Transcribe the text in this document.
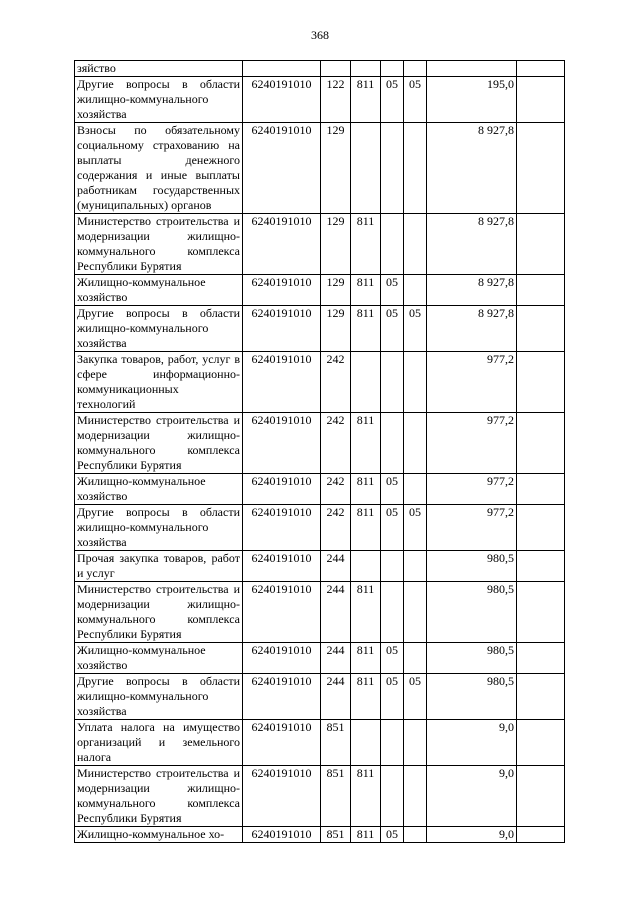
368
зяйство							
Другие вопросы в области жилищно-коммунального хозяйства	6240191010	122	811	05	05	195,0	
Взносы по обязательному социальному страхованию на выплаты денежного содержания и иные выплаты работникам государственных (муниципальных) органов	6240191010	129				8 927,8	
Министерство строительства и модернизации жилищно-коммунального комплекса Республики Бурятия	6240191010	129	811			8 927,8	
Жилищно-коммунальное хозяйство	6240191010	129	811	05		8 927,8	
Другие вопросы в области жилищно-коммунального хозяйства	6240191010	129	811	05	05	8 927,8	
Закупка товаров, работ, услуг в сфере информационно-коммуникационных технологий	6240191010	242				977,2	
Министерство строительства и модернизации жилищно-коммунального комплекса Республики Бурятия	6240191010	242	811			977,2	
Жилищно-коммунальное хозяйство	6240191010	242	811	05		977,2	
Другие вопросы в области жилищно-коммунального хозяйства	6240191010	242	811	05	05	977,2	
Прочая закупка товаров, работ и услуг	6240191010	244				980,5	
Министерство строительства и модернизации жилищно-коммунального комплекса Республики Бурятия	6240191010	244	811			980,5	
Жилищно-коммунальное хозяйство	6240191010	244	811	05		980,5	
Другие вопросы в области жилищно-коммунального хозяйства	6240191010	244	811	05	05	980,5	
Уплата налога на имущество организаций и земельного налога	6240191010	851				9,0	
Министерство строительства и модернизации жилищно-коммунального комплекса Республики Бурятия	6240191010	851	811			9,0	
Жилищно-коммунальное хо-	6240191010	851	811	05		9,0	
